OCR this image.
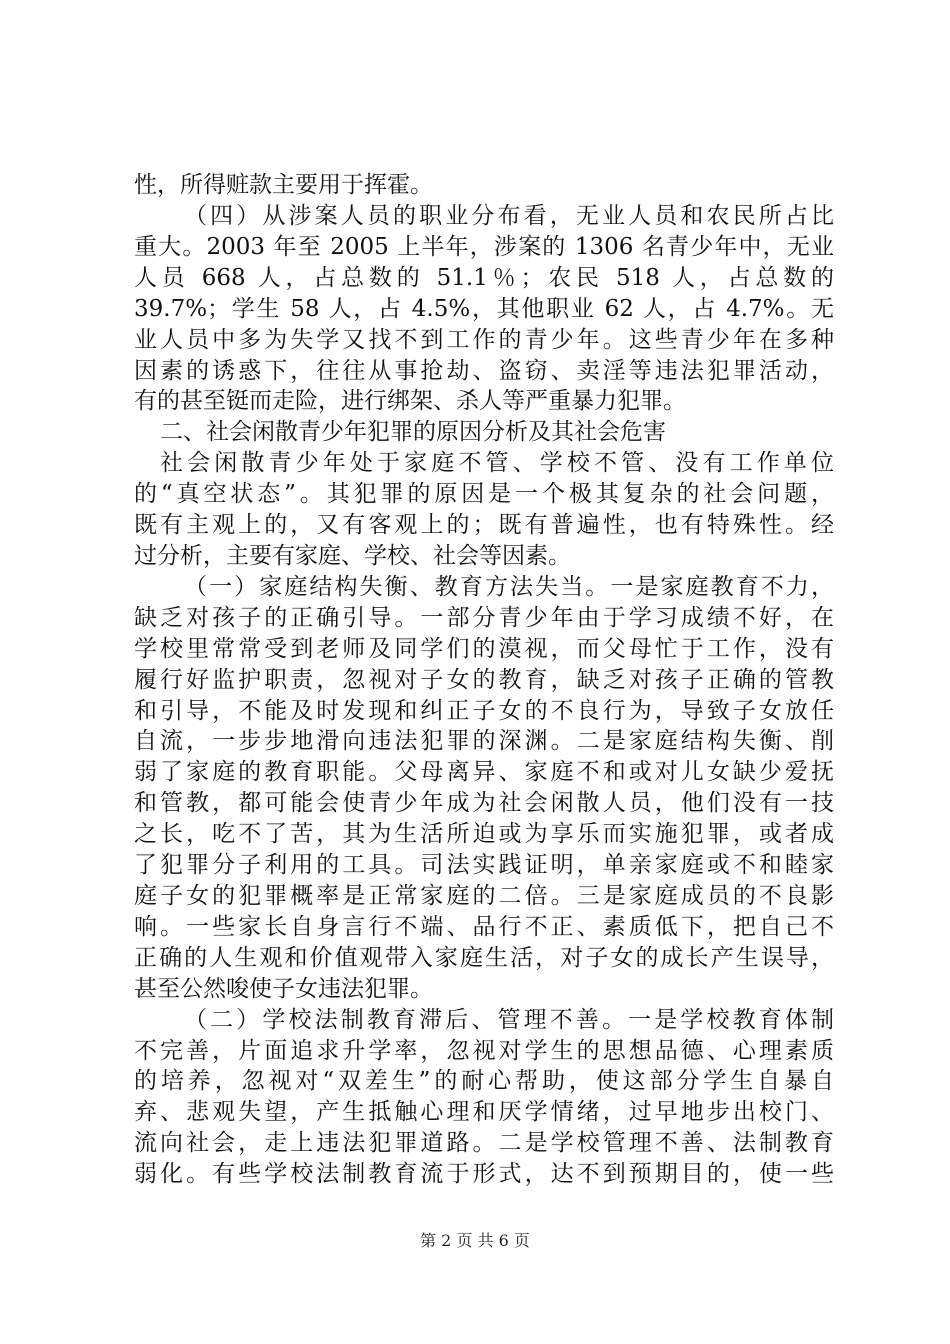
性，所得赃款主要用于挥霍。
（四）从涉案人员的职业分布看，无业人员和农民所占比
重大。2003 年至 2005 上半年，涉案的 1306 名青少年中，无业
人员 668 人，占总数的 51.1％；农民 518 人，占总数的
39.7%；学生 58 人，占 4.5%，其他职业 62 人，占 4.7%。无
业人员中多为失学又找不到工作的青少年。这些青少年在多种
因素的诱惑下，往往从事抢劫、盗窃、卖淫等违法犯罪活动，
有的甚至铤而走险，进行绑架、杀人等严重暴力犯罪。
二、社会闲散青少年犯罪的原因分析及其社会危害
社会闲散青少年处于家庭不管、学校不管、没有工作单位
的“真空状态”。其犯罪的原因是一个极其复杂的社会问题，
既有主观上的，又有客观上的；既有普遍性，也有特殊性。经
过分析，主要有家庭、学校、社会等因素。
（一）家庭结构失衡、教育方法失当。一是家庭教育不力，
缺乏对孩子的正确引导。一部分青少年由于学习成绩不好，在
学校里常常受到老师及同学们的漠视，而父母忙于工作，没有
履行好监护职责，忽视对子女的教育，缺乏对孩子正确的管教
和引导，不能及时发现和纠正子女的不良行为，导致子女放任
自流，一步步地滑向违法犯罪的深渊。二是家庭结构失衡、削
弱了家庭的教育职能。父母离异、家庭不和或对儿女缺少爱抚
和管教，都可能会使青少年成为社会闲散人员，他们没有一技
之长，吃不了苦，其为生活所迫或为享乐而实施犯罪，或者成
了犯罪分子利用的工具。司法实践证明，单亲家庭或不和睦家
庭子女的犯罪概率是正常家庭的二倍。三是家庭成员的不良影
响。一些家长自身言行不端、品行不正、素质低下，把自己不
正确的人生观和价值观带入家庭生活，对子女的成长产生误导，
甚至公然唆使子女违法犯罪。
（二）学校法制教育滞后、管理不善。一是学校教育体制
不完善，片面追求升学率，忽视对学生的思想品德、心理素质
的培养，忽视对“双差生”的耐心帮助，使这部分学生自暴自
弃、悲观失望，产生抵触心理和厌学情绪，过早地步出校门、
流向社会，走上违法犯罪道路。二是学校管理不善、法制教育
弱化。有些学校法制教育流于形式，达不到预期目的，使一些
第 2 页 共 6 页
